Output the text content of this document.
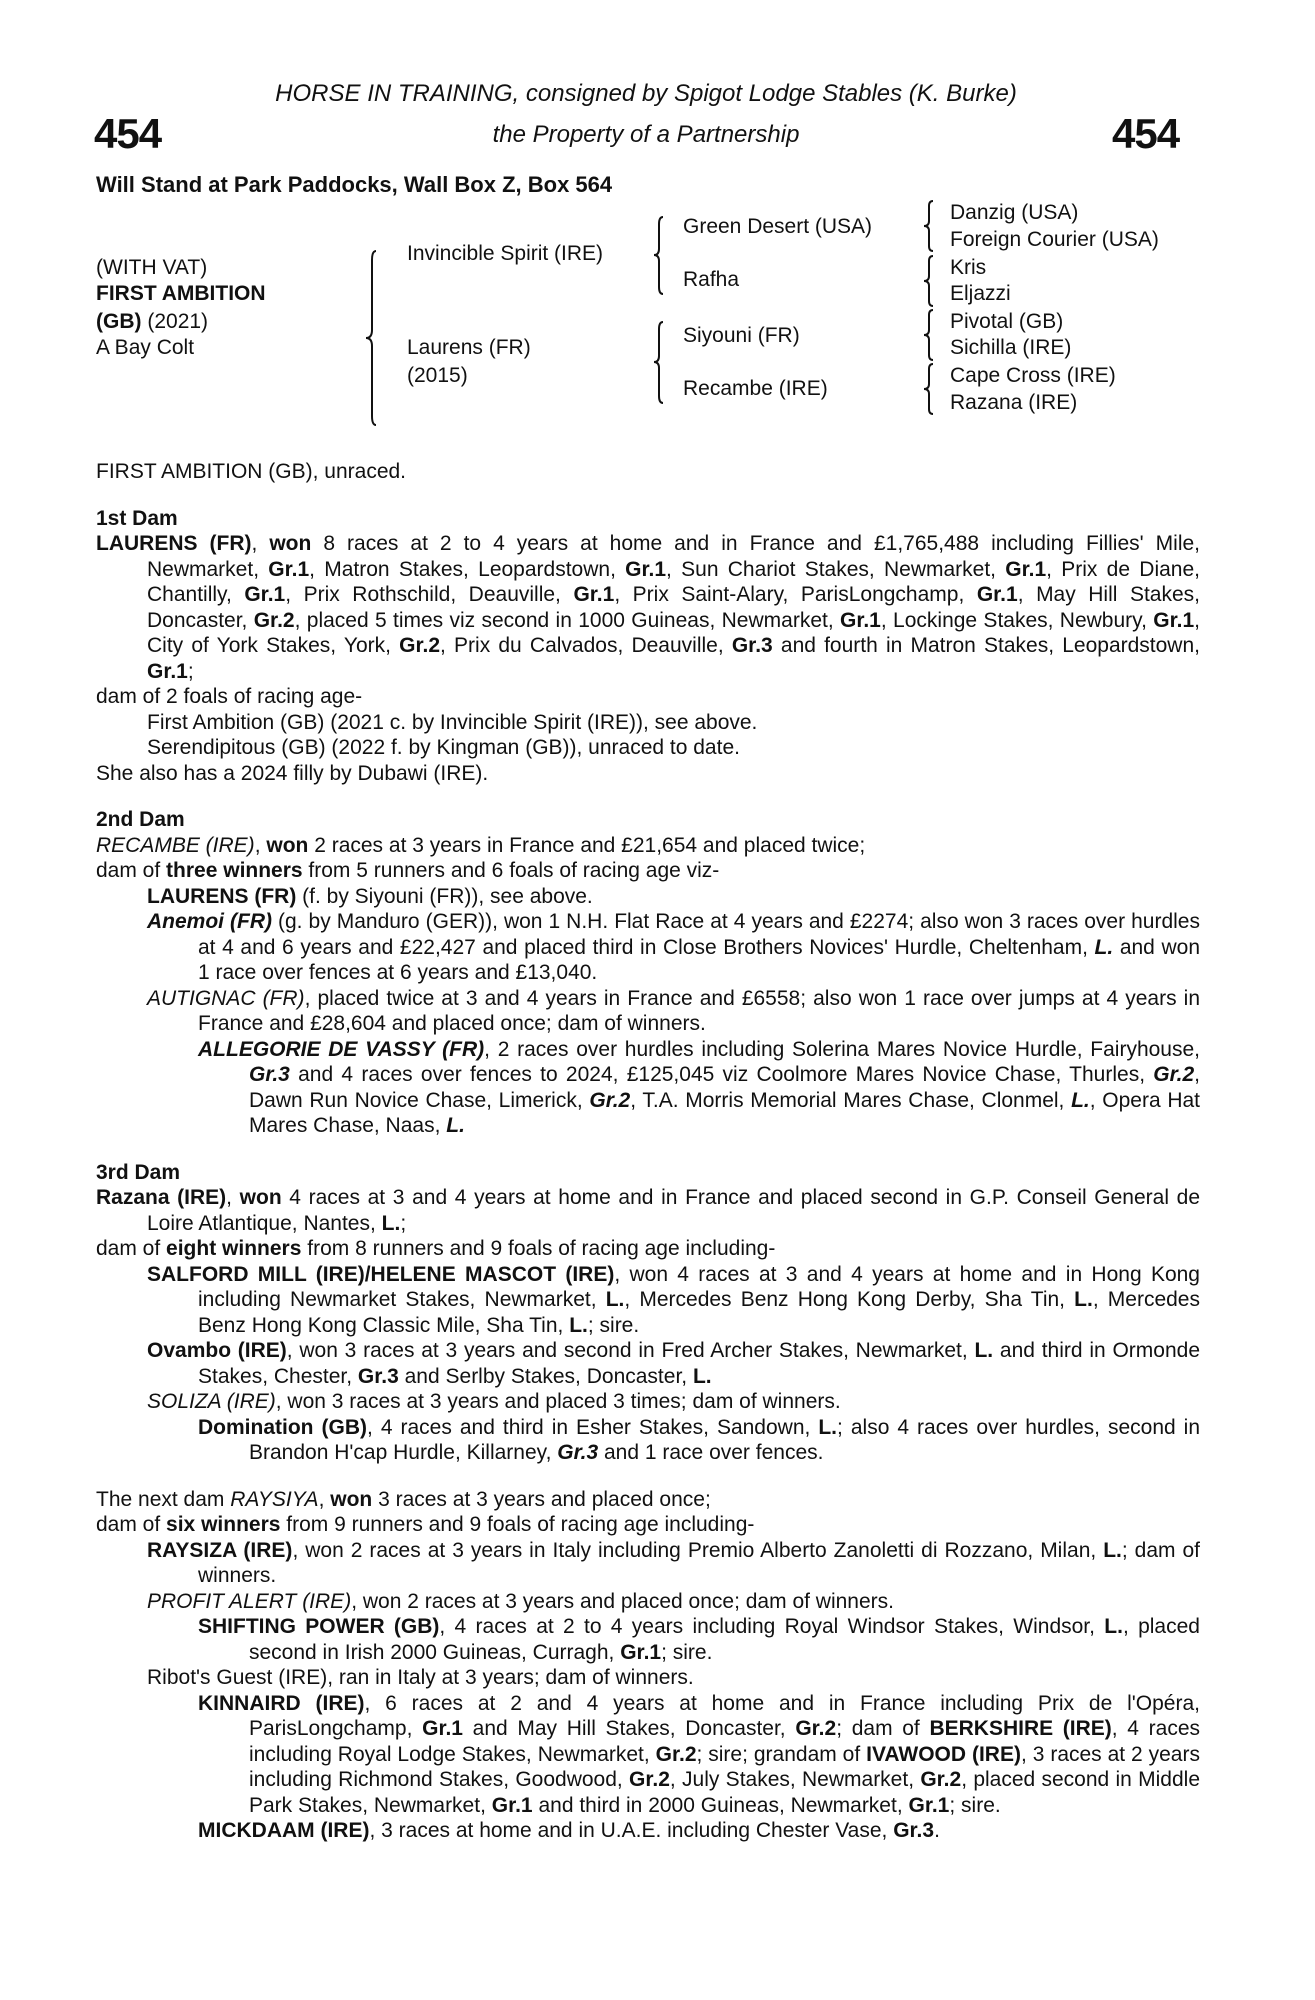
HORSE IN TRAINING, consigned by Spigot Lodge Stables (K. Burke)
454	the Property of a Partnership	454
Will Stand at Park Paddocks, Wall Box Z, Box 564
(WITH VAT)
FIRST AMBITION
(GB) (2021)
A Bay Colt
Invincible Spirit (IRE)
Laurens (FR)
(2015)
Green Desert (USA)
Rafha
Siyouni (FR)
Recambe (IRE)
Danzig (USA)
Foreign Courier (USA)
Kris
Eljazzi
Pivotal (GB)
Sichilla (IRE)
Cape Cross (IRE)
Razana (IRE)
FIRST AMBITION (GB), unraced.
1st Dam
LAURENS (FR), won 8 races at 2 to 4 years at home and in France and £1,765,488 including Fillies' Mile, Newmarket, Gr.1, Matron Stakes, Leopardstown, Gr.1, Sun Chariot Stakes, Newmarket, Gr.1, Prix de Diane, Chantilly, Gr.1, Prix Rothschild, Deauville, Gr.1, Prix Saint-Alary, ParisLongchamp, Gr.1, May Hill Stakes, Doncaster, Gr.2, placed 5 times viz second in 1000 Guineas, Newmarket, Gr.1, Lockinge Stakes, Newbury, Gr.1, City of York Stakes, York, Gr.2, Prix du Calvados, Deauville, Gr.3 and fourth in Matron Stakes, Leopardstown, Gr.1;
dam of 2 foals of racing age-
First Ambition (GB) (2021 c. by Invincible Spirit (IRE)), see above.
Serendipitous (GB) (2022 f. by Kingman (GB)), unraced to date.
She also has a 2024 filly by Dubawi (IRE).
2nd Dam
RECAMBE (IRE), won 2 races at 3 years in France and £21,654 and placed twice;
dam of three winners from 5 runners and 6 foals of racing age viz-
LAURENS (FR) (f. by Siyouni (FR)), see above.
Anemoi (FR) (g. by Manduro (GER)), won 1 N.H. Flat Race at 4 years and £2274; also won 3 races over hurdles at 4 and 6 years and £22,427 and placed third in Close Brothers Novices' Hurdle, Cheltenham, L. and won 1 race over fences at 6 years and £13,040.
AUTIGNAC (FR), placed twice at 3 and 4 years in France and £6558; also won 1 race over jumps at 4 years in France and £28,604 and placed once; dam of winners.
ALLEGORIE DE VASSY (FR), 2 races over hurdles including Solerina Mares Novice Hurdle, Fairyhouse, Gr.3 and 4 races over fences to 2024, £125,045 viz Coolmore Mares Novice Chase, Thurles, Gr.2, Dawn Run Novice Chase, Limerick, Gr.2, T.A. Morris Memorial Mares Chase, Clonmel, L., Opera Hat Mares Chase, Naas, L.
3rd Dam
Razana (IRE), won 4 races at 3 and 4 years at home and in France and placed second in G.P. Conseil General de Loire Atlantique, Nantes, L.;
dam of eight winners from 8 runners and 9 foals of racing age including-
SALFORD MILL (IRE)/HELENE MASCOT (IRE), won 4 races at 3 and 4 years at home and in Hong Kong including Newmarket Stakes, Newmarket, L., Mercedes Benz Hong Kong Derby, Sha Tin, L., Mercedes Benz Hong Kong Classic Mile, Sha Tin, L.; sire.
Ovambo (IRE), won 3 races at 3 years and second in Fred Archer Stakes, Newmarket, L. and third in Ormonde Stakes, Chester, Gr.3 and Serlby Stakes, Doncaster, L.
SOLIZA (IRE), won 3 races at 3 years and placed 3 times; dam of winners.
Domination (GB), 4 races and third in Esher Stakes, Sandown, L.; also 4 races over hurdles, second in Brandon H'cap Hurdle, Killarney, Gr.3 and 1 race over fences.
The next dam RAYSIYA, won 3 races at 3 years and placed once;
dam of six winners from 9 runners and 9 foals of racing age including-
RAYSIZA (IRE), won 2 races at 3 years in Italy including Premio Alberto Zanoletti di Rozzano, Milan, L.; dam of winners.
PROFIT ALERT (IRE), won 2 races at 3 years and placed once; dam of winners.
SHIFTING POWER (GB), 4 races at 2 to 4 years including Royal Windsor Stakes, Windsor, L., placed second in Irish 2000 Guineas, Curragh, Gr.1; sire.
Ribot's Guest (IRE), ran in Italy at 3 years; dam of winners.
KINNAIRD (IRE), 6 races at 2 and 4 years at home and in France including Prix de l'Opéra, ParisLongchamp, Gr.1 and May Hill Stakes, Doncaster, Gr.2; dam of BERKSHIRE (IRE), 4 races including Royal Lodge Stakes, Newmarket, Gr.2; sire; grandam of IVAWOOD (IRE), 3 races at 2 years including Richmond Stakes, Goodwood, Gr.2, July Stakes, Newmarket, Gr.2, placed second in Middle Park Stakes, Newmarket, Gr.1 and third in 2000 Guineas, Newmarket, Gr.1; sire.
MICKDAAM (IRE), 3 races at home and in U.A.E. including Chester Vase, Gr.3.
